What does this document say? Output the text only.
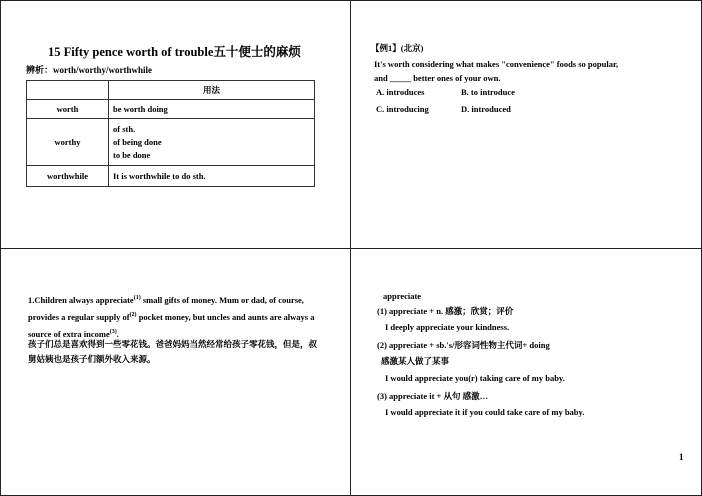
15 Fifty pence worth of trouble五十便士的麻烦
辨析：worth/worthy/worthwhile
	用法
worth	be worth doing
worthy	of sth.
of being done
to be done

worthwhile	It is worthwhile to do sth.
【例1】(北京)
It's worth considering what makes "convenience" foods so popular,
and _____ better ones of your own.
A. introduces	B. to introduce
C. introducing	D. introduced
1.Children always appreciate$^{(1)}$ small gifts of money. Mum or dad, of course, provides a regular supply $of^{(2)}$ pocket money, but uncles and aunts are always a source of extra income$^{(3)}$.
孩子们总是喜欢得到一些零花钱。爸爸妈妈当然经常给孩子零花钱，但是，叔舅姑姨也是孩子们额外收入来源。
appreciate
(1) appreciate + n. 感激；欣赏；评价
I deeply appreciate your kindness.
(2) appreciate + sb.'s/形容词性物主代词+ doing
感激某人做了某事
I would appreciate you(r) taking care of my baby.
(3) appreciate it + 从句 感激…
I would appreciate it if you could take care of my baby.
1
